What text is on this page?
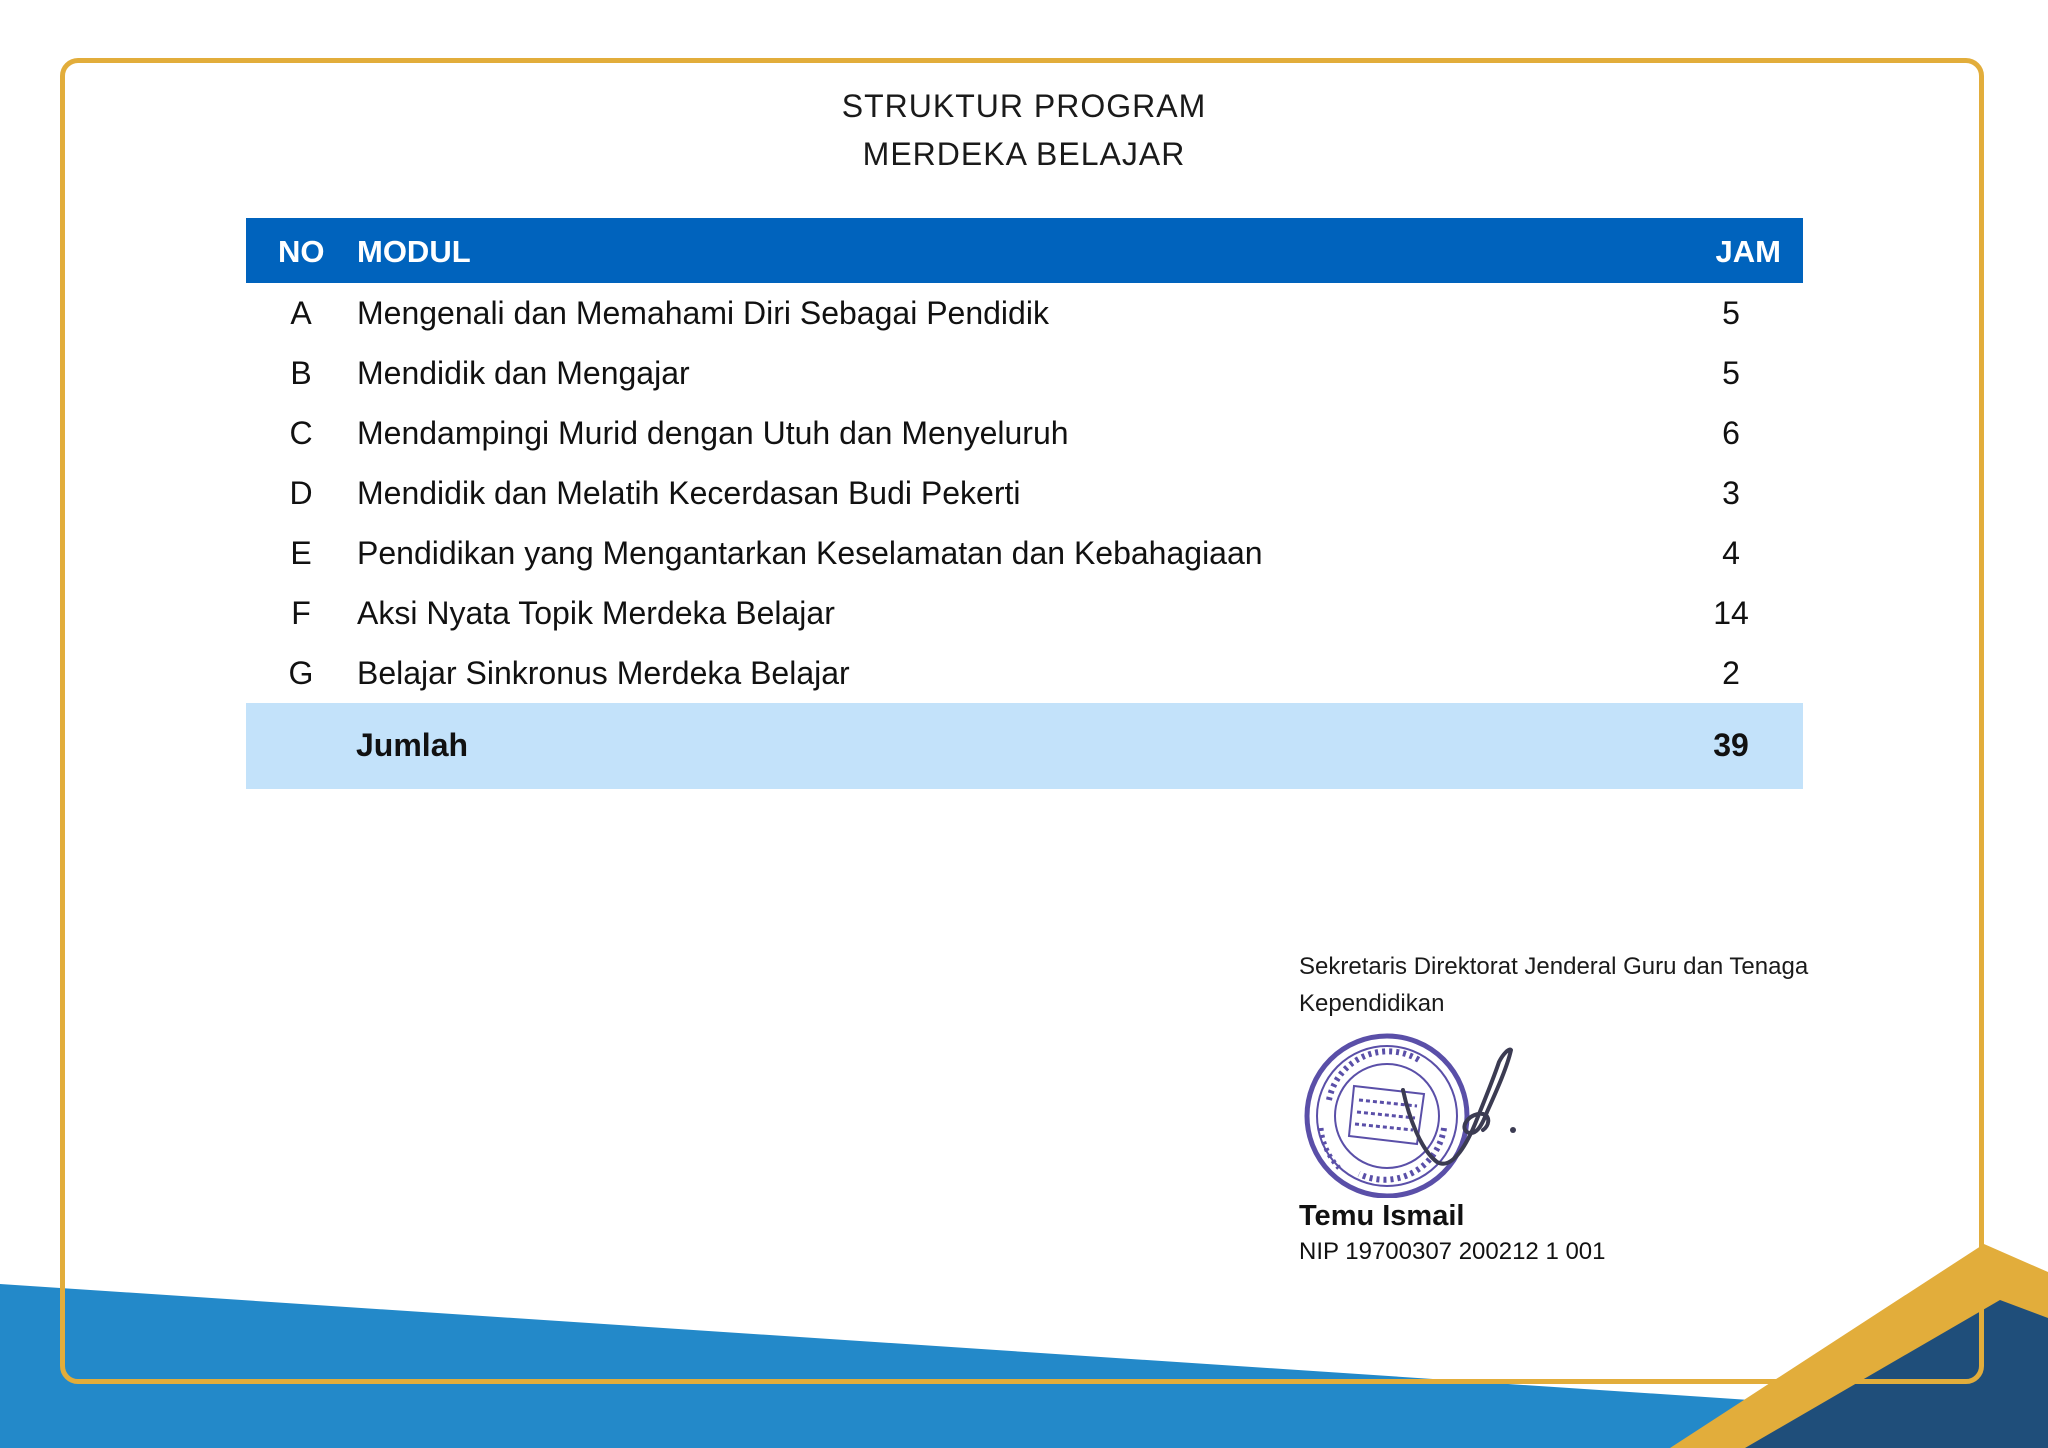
STRUKTUR PROGRAM
MERDEKA BELAJAR
NO MODUL	JAM
A	Mengenali dan Memahami Diri Sebagai Pendidik	5
B	Mendidik dan Mengajar	5
C	Mendampingi Murid dengan Utuh dan Menyeluruh	6
D	Mendidik dan Melatih Kecerdasan Budi Pekerti	3
E	Pendidikan yang Mengantarkan Keselamatan dan Kebahagiaan	4
F	Aksi Nyata Topik Merdeka Belajar	14
G	Belajar Sinkronus Merdeka Belajar	2
Jumlah	39
Sekretaris Direktorat Jenderal Guru dan Tenaga
Kependidikan
Temu Ismail
NIP 19700307 200212 1 001
